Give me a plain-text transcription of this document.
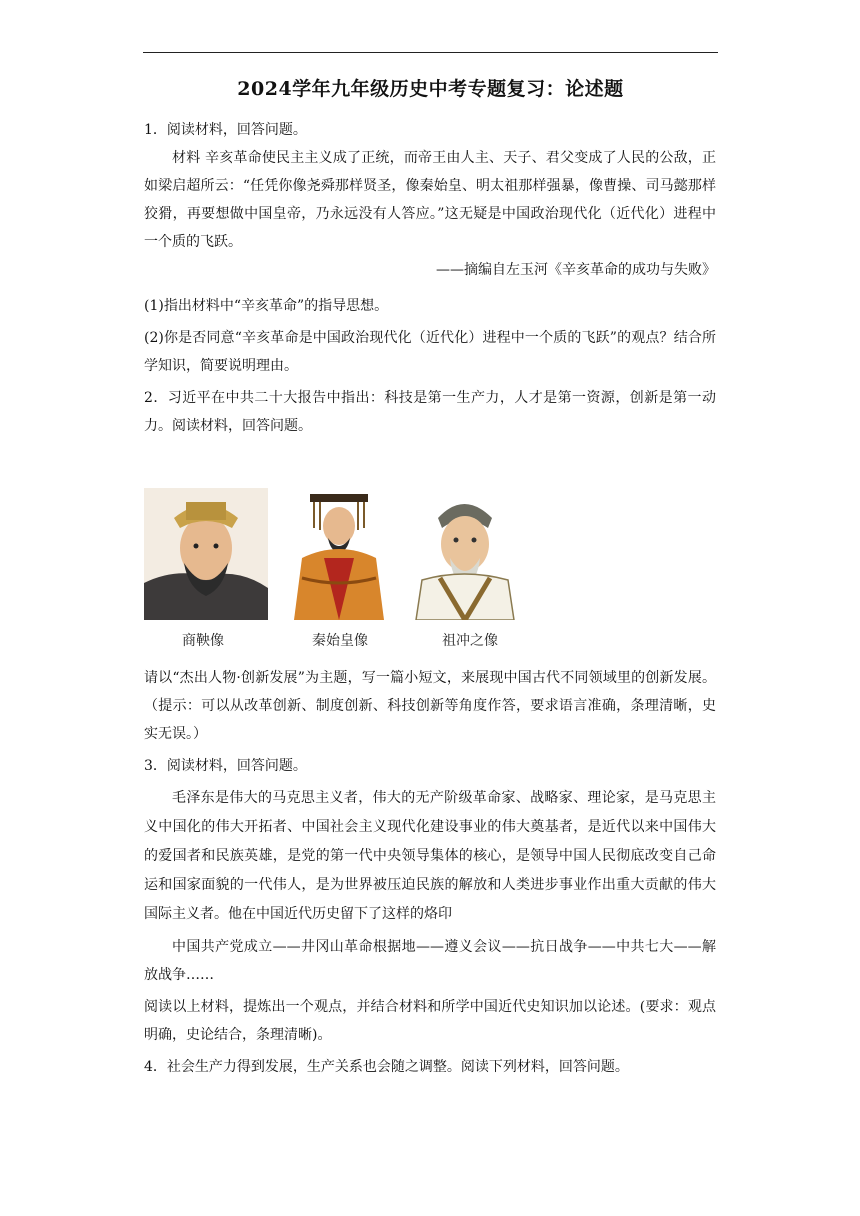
2024学年九年级历史中考专题复习：论述题

1．阅读材料，回答问题。

材料 辛亥革命使民主主义成了正统，而帝王由人主、天子、君父变成了人民的公敌，正如梁启超所云：“任凭你像尧舜那样贤圣，像秦始皇、明太祖那样强暴，像曹操、司马懿那样狡猾，再要想做中国皇帝，乃永远没有人答应。”这无疑是中国政治现代化（近代化）进程中一个质的飞跃。

——摘编自左玉河《辛亥革命的成功与失败》

(1)指出材料中“辛亥革命”的指导思想。

(2)你是否同意“辛亥革命是中国政治现代化（近代化）进程中一个质的飞跃”的观点？结合所学知识，简要说明理由。

2．习近平在中共二十大报告中指出：科技是第一生产力，人才是第一资源，创新是第一动力。阅读材料，回答问题。

商鞅像	秦始皇像	祖冲之像

请以“杰出人物·创新发展”为主题，写一篇小短文，来展现中国古代不同领域里的创新发展。（提示：可以从改革创新、制度创新、科技创新等角度作答，要求语言准确，条理清晰，史实无误。）

3．阅读材料，回答问题。

毛泽东是伟大的马克思主义者，伟大的无产阶级革命家、战略家、理论家，是马克思主义中国化的伟大开拓者、中国社会主义现代化建设事业的伟大奠基者，是近代以来中国伟大的爱国者和民族英雄，是党的第一代中央领导集体的核心，是领导中国人民彻底改变自己命运和国家面貌的一代伟人，是为世界被压迫民族的解放和人类进步事业作出重大贡献的伟大国际主义者。他在中国近代历史留下了这样的烙印

中国共产党成立——井冈山革命根据地——遵义会议——抗日战争——中共七大——解放战争……

阅读以上材料，提炼出一个观点，并结合材料和所学中国近代史知识加以论述。(要求：观点明确，史论结合，条理清晰)。

4．社会生产力得到发展，生产关系也会随之调整。阅读下列材料，回答问题。
